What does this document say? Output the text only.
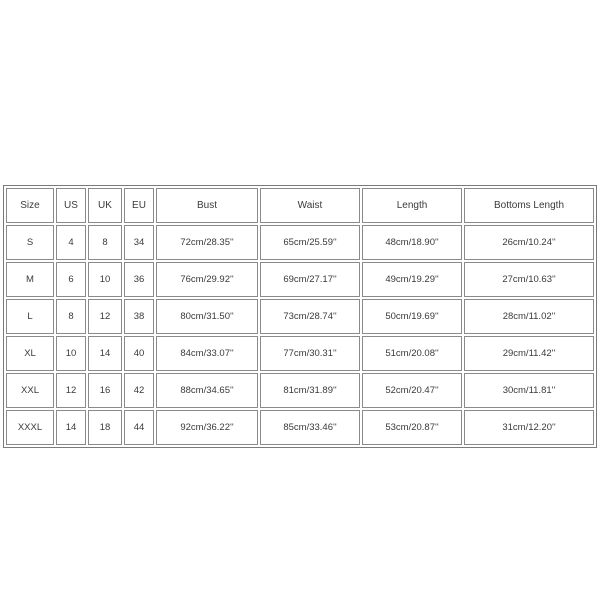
Size	US	UK	EU	Bust	Waist	Length	Bottoms Length
S	4	8	34	72cm/28.35''	65cm/25.59''	48cm/18.90''	26cm/10.24''
M	6	10	36	76cm/29.92''	69cm/27.17''	49cm/19.29''	27cm/10.63''
L	8	12	38	80cm/31.50''	73cm/28.74''	50cm/19.69''	28cm/11.02''
XL	10	14	40	84cm/33.07''	77cm/30.31''	51cm/20.08''	29cm/11.42''
XXL	12	16	42	88cm/34.65''	81cm/31.89''	52cm/20.47''	30cm/11.81''
XXXL	14	18	44	92cm/36.22''	85cm/33.46''	53cm/20.87''	31cm/12.20''
